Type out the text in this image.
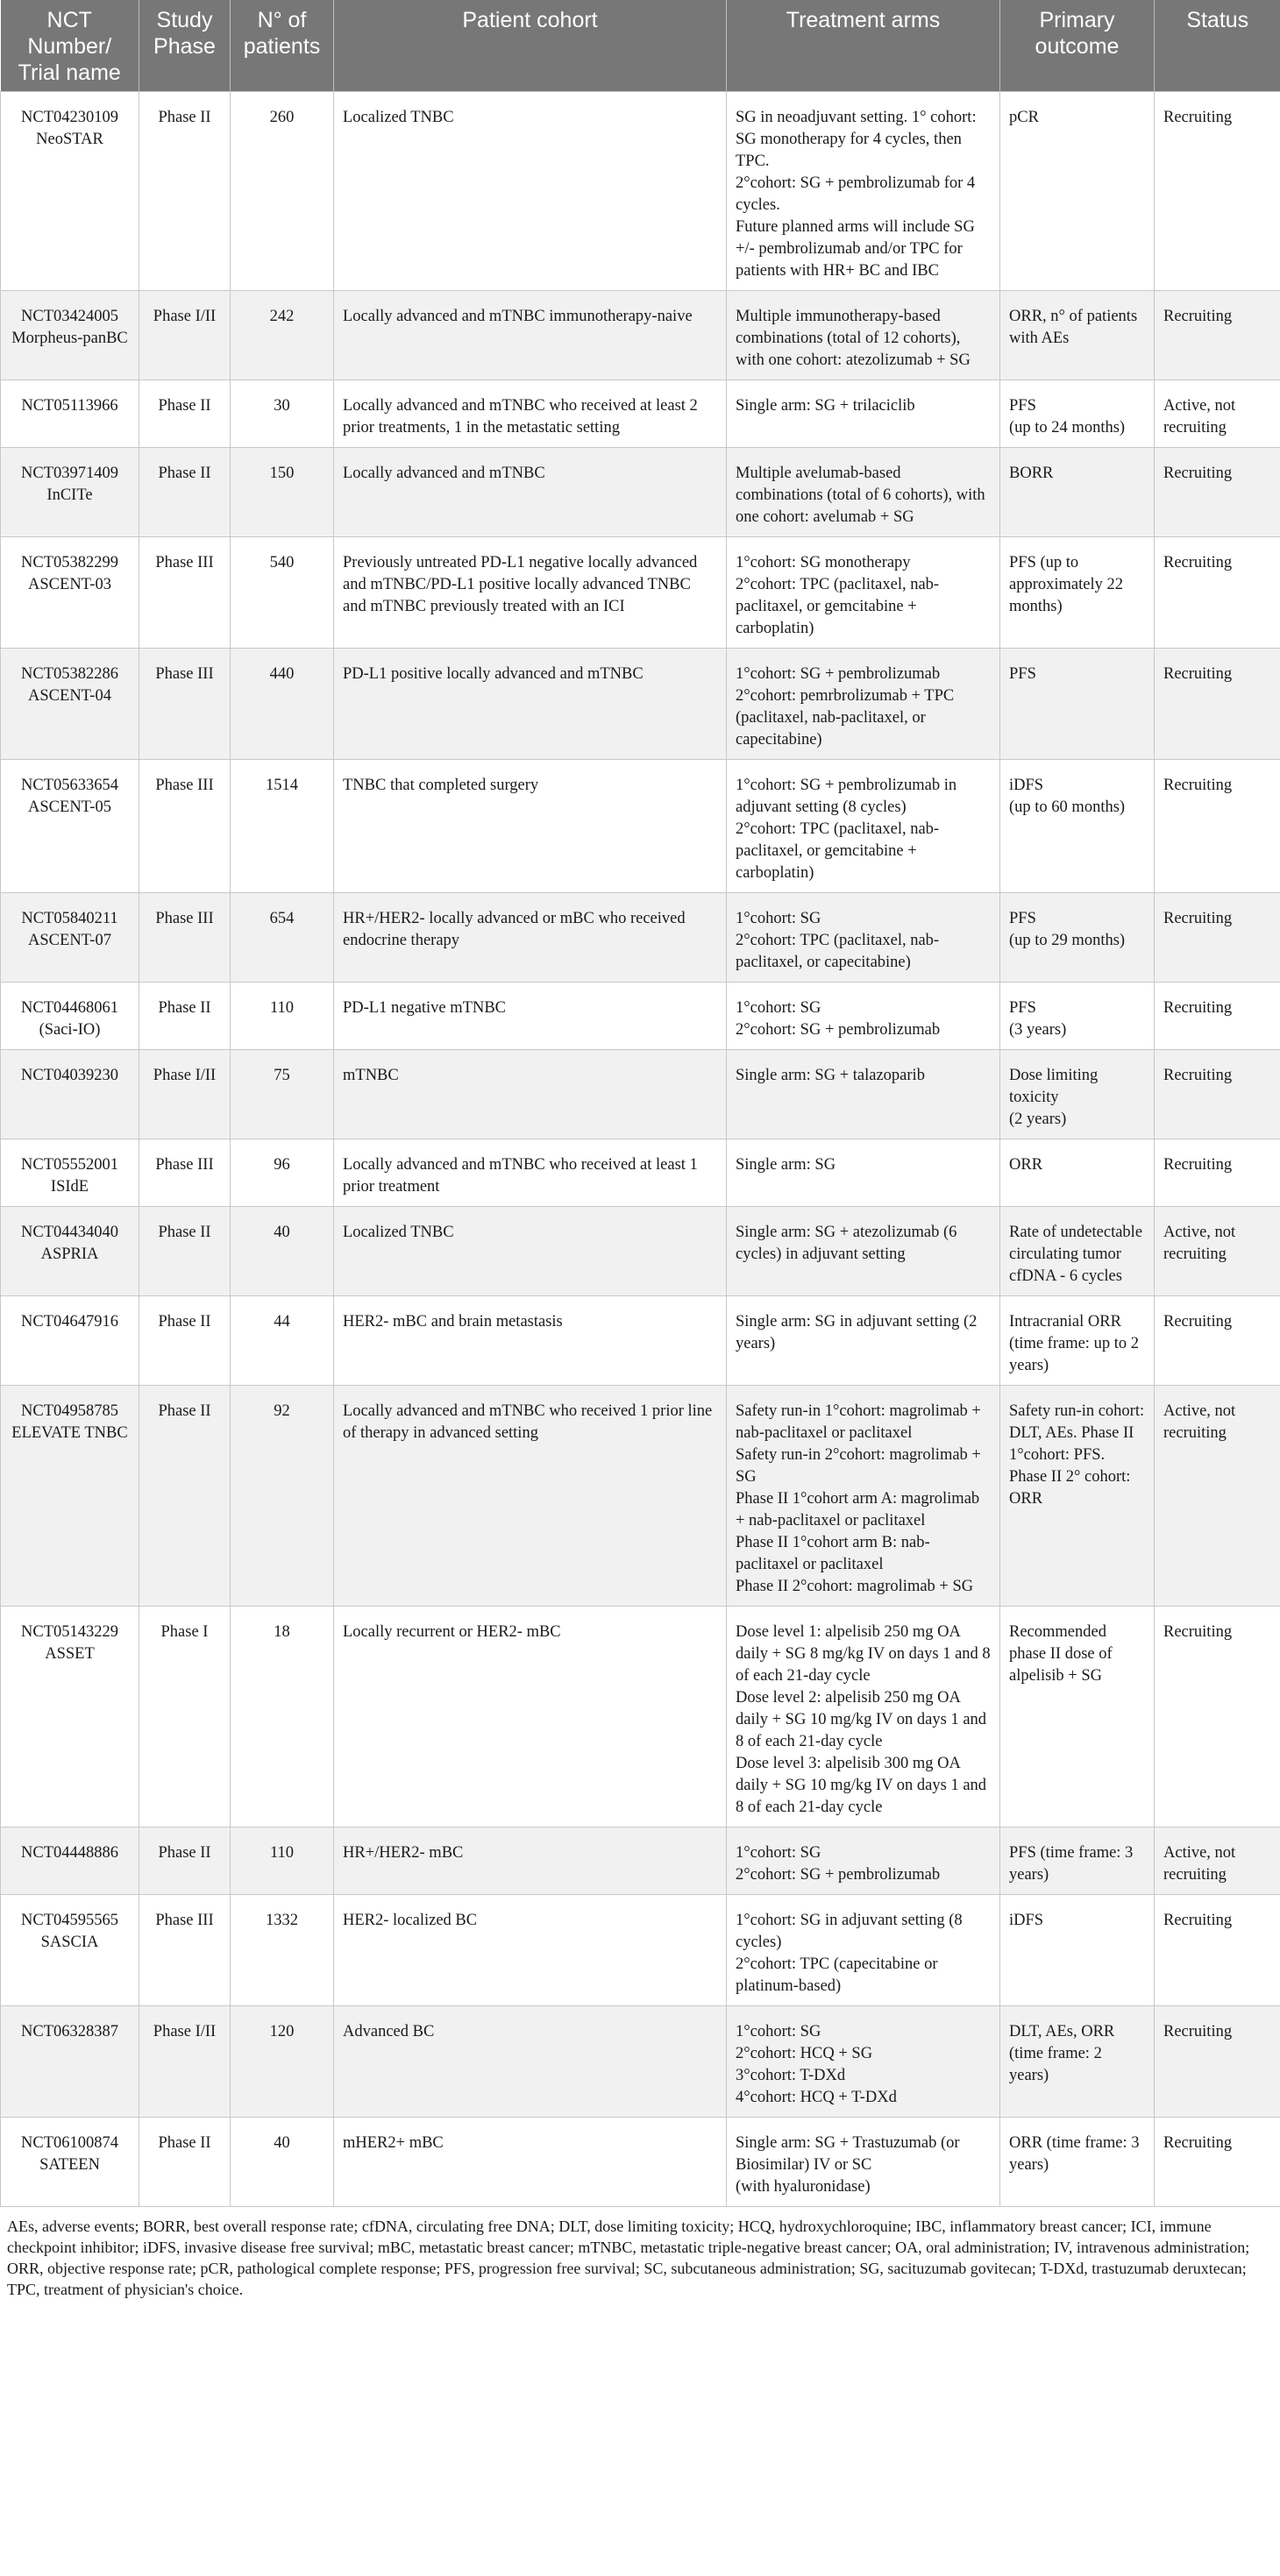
NCT Number/ Trial name	Study Phase	N° of patients	Patient cohort	Treatment arms	Primary outcome	Status
NCT04230109
NeoSTAR	Phase II	260	Localized TNBC	SG in neoadjuvant setting. 1° cohort: SG monotherapy for 4 cycles, then TPC.
2°cohort: SG + pembrolizumab for 4 cycles.
Future planned arms will include SG +/- pembrolizumab and/or TPC for patients with HR+ BC and IBC	pCR	Recruiting
NCT03424005 Morpheus-panBC	Phase I/II	242	Locally advanced and mTNBC immunotherapy-naive	Multiple immunotherapy-based combinations (total of 12 cohorts), with one cohort: atezolizumab + SG	ORR, n° of patients with AEs	Recruiting
NCT05113966	Phase II	30	Locally advanced and mTNBC who received at least 2 prior treatments, 1 in the metastatic setting	Single arm: SG + trilaciclib	PFS
(up to 24 months)	Active, not recruiting
NCT03971409
InCITe	Phase II	150	Locally advanced and mTNBC	Multiple avelumab-based combinations (total of 6 cohorts), with one cohort: avelumab + SG	BORR	Recruiting
NCT05382299
ASCENT-03	Phase III	540	Previously untreated PD-L1 negative locally advanced and mTNBC/PD-L1 positive locally advanced TNBC and mTNBC previously treated with an ICI	1°cohort: SG monotherapy
2°cohort: TPC (paclitaxel, nab-paclitaxel, or gemcitabine + carboplatin)	PFS (up to approximately 22 months)	Recruiting
NCT05382286
ASCENT-04	Phase III	440	PD-L1 positive locally advanced and mTNBC	1°cohort: SG + pembrolizumab
2°cohort: pemrbrolizumab + TPC (paclitaxel, nab-paclitaxel, or capecitabine)	PFS	Recruiting
NCT05633654
ASCENT-05	Phase III	1514	TNBC that completed surgery	1°cohort: SG + pembrolizumab in adjuvant setting (8 cycles)
2°cohort: TPC (paclitaxel, nab-paclitaxel, or gemcitabine + carboplatin)	iDFS
(up to 60 months)	Recruiting
NCT05840211
ASCENT-07	Phase III	654	HR+/HER2- locally advanced or mBC who received endocrine therapy	1°cohort: SG
2°cohort: TPC (paclitaxel, nab-paclitaxel, or capecitabine)	PFS
(up to 29 months)	Recruiting
NCT04468061
(Saci-IO)	Phase II	110	PD-L1 negative mTNBC	1°cohort: SG
2°cohort: SG + pembrolizumab	PFS
(3 years)	Recruiting
NCT04039230	Phase I/II	75	mTNBC	Single arm: SG + talazoparib	Dose limiting toxicity
(2 years)	Recruiting
NCT05552001
ISIdE	Phase III	96	Locally advanced and mTNBC who received at least 1 prior treatment	Single arm: SG	ORR	Recruiting
NCT04434040
ASPRIA	Phase II	40	Localized TNBC	Single arm: SG + atezolizumab (6 cycles) in adjuvant setting	Rate of undetectable circulating tumor cfDNA - 6 cycles	Active, not recruiting
NCT04647916	Phase II	44	HER2- mBC and brain metastasis	Single arm: SG in adjuvant setting (2 years)	Intracranial ORR (time frame: up to 2 years)	Recruiting
NCT04958785
ELEVATE TNBC	Phase II	92	Locally advanced and mTNBC who received 1 prior line of therapy in advanced setting	Safety run-in 1°cohort: magrolimab + nab-paclitaxel or paclitaxel
Safety run-in 2°cohort: magrolimab + SG
Phase II 1°cohort arm A: magrolimab + nab-paclitaxel or paclitaxel
Phase II 1°cohort arm B: nab-paclitaxel or paclitaxel
Phase II 2°cohort: magrolimab + SG	Safety run-in cohort: DLT, AEs. Phase II 1°cohort: PFS. Phase II 2° cohort: ORR	Active, not recruiting
NCT05143229
ASSET	Phase I	18	Locally recurrent or HER2- mBC	Dose level 1: alpelisib 250 mg OA daily + SG 8 mg/kg IV on days 1 and 8 of each 21-day cycle
Dose level 2: alpelisib 250 mg OA daily + SG 10 mg/kg IV on days 1 and 8 of each 21-day cycle
Dose level 3: alpelisib 300 mg OA daily + SG 10 mg/kg IV on days 1 and 8 of each 21-day cycle	Recommended phase II dose of alpelisib + SG	Recruiting
NCT04448886	Phase II	110	HR+/HER2- mBC	1°cohort: SG
2°cohort: SG + pembrolizumab	PFS (time frame: 3 years)	Active, not recruiting
NCT04595565
SASCIA	Phase III	1332	HER2- localized BC	1°cohort: SG in adjuvant setting (8 cycles)
2°cohort: TPC (capecitabine or platinum-based)	iDFS	Recruiting
NCT06328387	Phase I/II	120	Advanced BC	1°cohort: SG
2°cohort: HCQ + SG
3°cohort: T-DXd
4°cohort: HCQ + T-DXd	DLT, AEs, ORR (time frame: 2 years)	Recruiting
NCT06100874
SATEEN	Phase II	40	mHER2+ mBC	Single arm: SG + Trastuzumab (or Biosimilar) IV or SC
(with hyaluronidase)	ORR (time frame: 3 years)	Recruiting
AEs, adverse events; BORR, best overall response rate; cfDNA, circulating free DNA; DLT, dose limiting toxicity; HCQ, hydroxychloroquine; IBC, inflammatory breast cancer; ICI, immune checkpoint inhibitor; iDFS, invasive disease free survival; mBC, metastatic breast cancer; mTNBC, metastatic triple-negative breast cancer; OA, oral administration; IV, intravenous administration; ORR, objective response rate; pCR, pathological complete response; PFS, progression free survival; SC, subcutaneous administration; SG, sacituzumab govitecan; T-DXd, trastuzumab deruxtecan; TPC, treatment of physician's choice.
